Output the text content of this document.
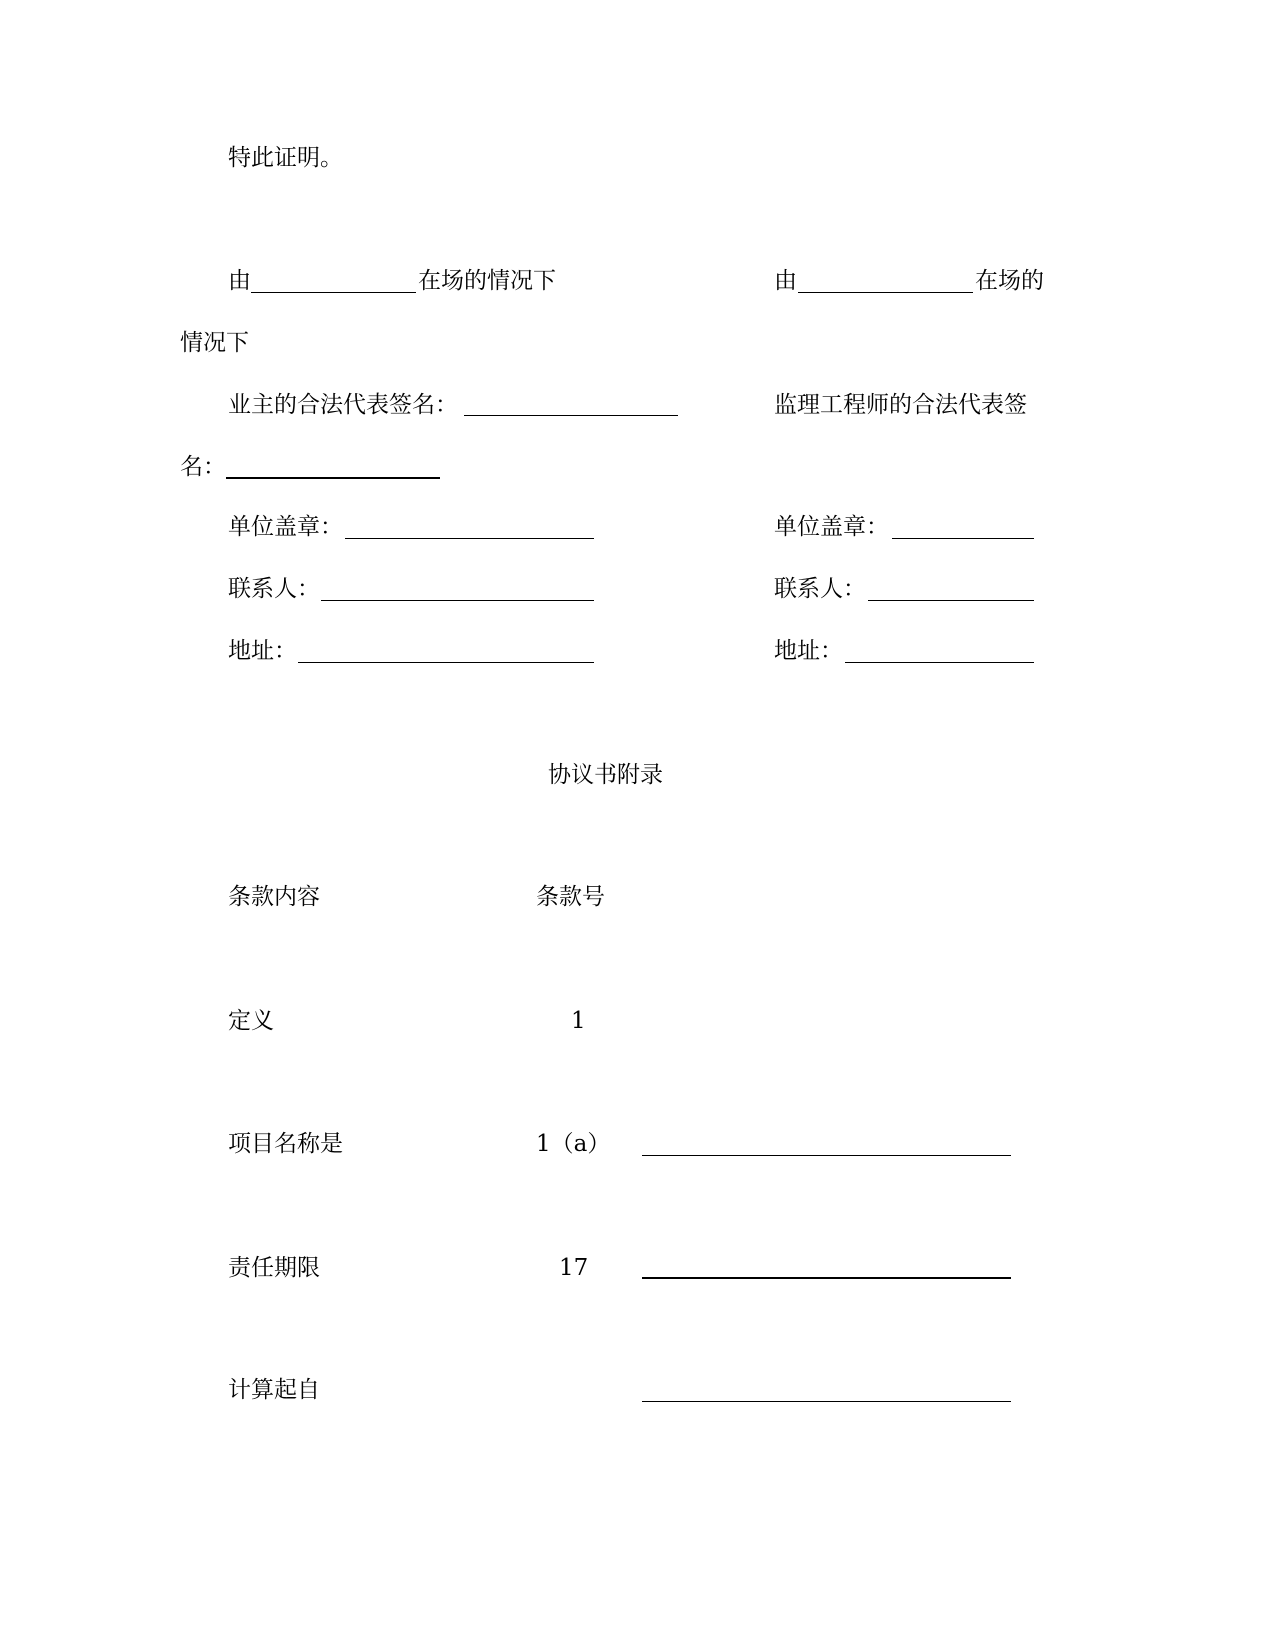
特此证明。
由	在场的情况下	由	在场的
情况下
业主的合法代表签名：	监理工程师的合法代表签
名：
单位盖章：	单位盖章：
联系人：	联系人：
地址：	地址：
协议书附录
条款内容	条款号
定义	1
项目名称是	1（a）
责任期限	17
计算起自
